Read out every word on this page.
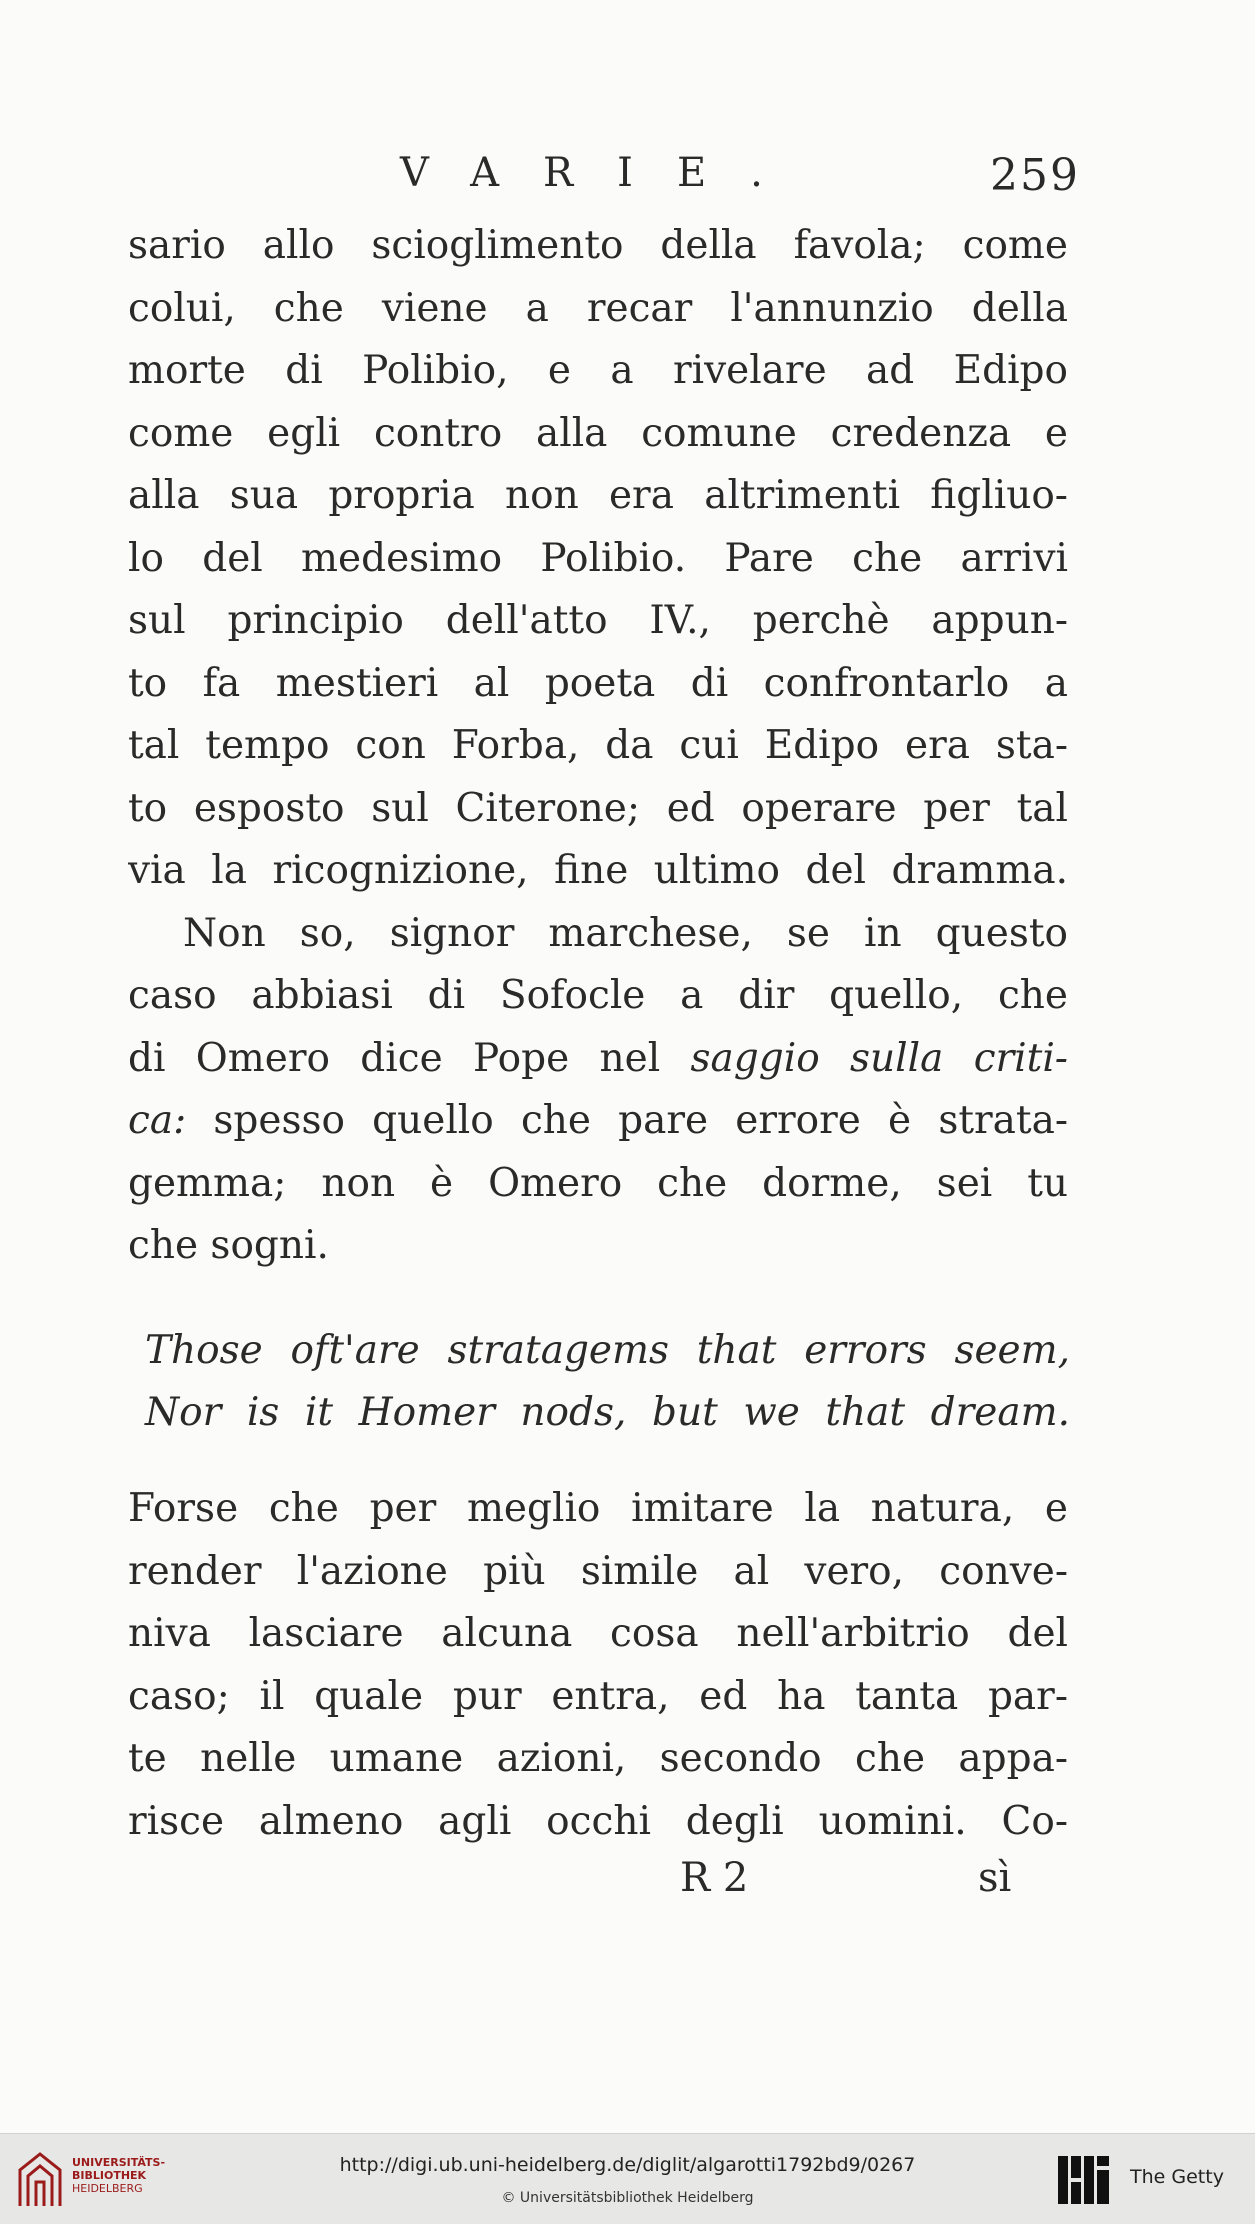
VARIE.	259
sario allo scioglimento della favola; come
colui, che viene a recar l'annunzio della
morte di Polibio, e a rivelare ad Edipo
come egli contro alla comune credenza e
alla sua propria non era altrimenti figliuo-
lo del medesimo Polibio. Pare che arrivi
sul principio dell'atto IV., perchè appun-
to fa mestieri al poeta di confrontarlo a
tal tempo con Forba, da cui Edipo era sta-
to esposto sul Citerone; ed operare per tal
via la ricognizione, fine ultimo del dramma.
Non so, signor marchese, se in questo
caso abbiasi di Sofocle a dir quello, che
di Omero dice Pope nel saggio sulla criti-
ca: spesso quello che pare errore è strata-
gemma; non è Omero che dorme, sei tu
che sogni.
Those oft'are stratagems that errors seem,
Nor is it Homer nods, but we that dream.
Forse che per meglio imitare la natura, e
render l'azione più simile al vero, conve-
niva lasciare alcuna cosa nell'arbitrio del
caso; il quale pur entra, ed ha tanta par-
te nelle umane azioni, secondo che appa-
risce almeno agli occhi degli uomini. Co-
R 2	sì
UNIVERSITÄTS-
BIBLIOTHEK
HEIDELBERG
http://digi.ub.uni-heidelberg.de/diglit/algarotti1792bd9/0267
© Universitätsbibliothek Heidelberg
The Getty
